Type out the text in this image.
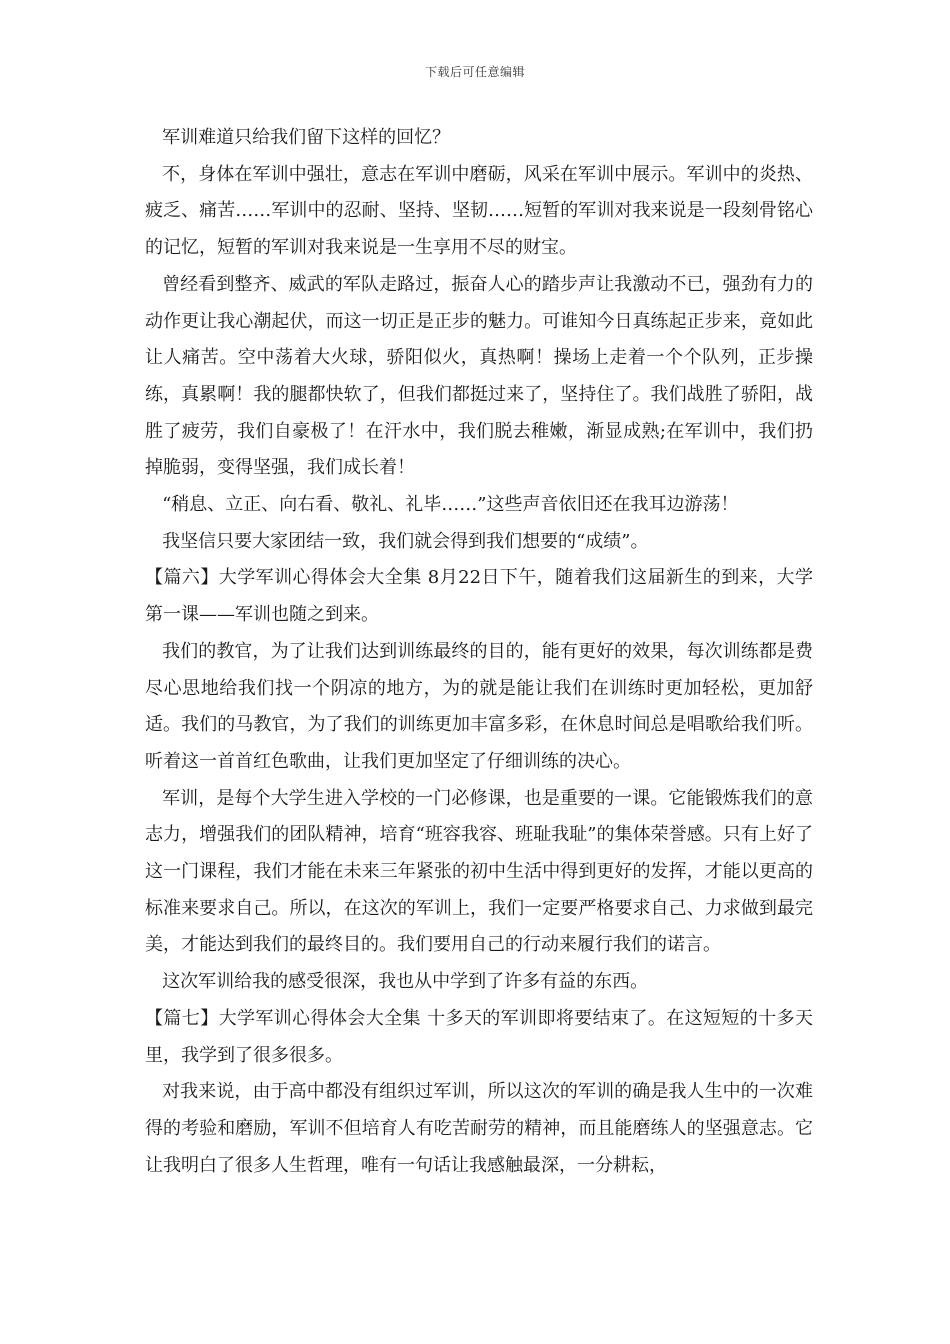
下载后可任意编辑

军训难道只给我们留下这样的回忆？

不，身体在军训中强壮，意志在军训中磨砺，风采在军训中展示。军训中的炎热、疲乏、痛苦……军训中的忍耐、坚持、坚韧……短暂的军训对我来说是一段刻骨铭心的记忆，短暂的军训对我来说是一生享用不尽的财宝。

曾经看到整齐、威武的军队走路过，振奋人心的踏步声让我激动不已，强劲有力的动作更让我心潮起伏，而这一切正是正步的魅力。可谁知今日真练起正步来，竟如此让人痛苦。空中荡着大火球，骄阳似火，真热啊！操场上走着一个个队列，正步操练，真累啊！我的腿都快软了，但我们都挺过来了，坚持住了。我们战胜了骄阳，战胜了疲劳，我们自豪极了！在汗水中，我们脱去稚嫩，渐显成熟;在军训中，我们扔掉脆弱，变得坚强，我们成长着！

“稍息、立正、向右看、敬礼、礼毕……”这些声音依旧还在我耳边游荡！

我坚信只要大家团结一致，我们就会得到我们想要的“成绩”。

【篇六】大学军训心得体会大全集 8月22日下午，随着我们这届新生的到来，大学第一课——军训也随之到来。

我们的教官，为了让我们达到训练最终的目的，能有更好的效果，每次训练都是费尽心思地给我们找一个阴凉的地方，为的就是能让我们在训练时更加轻松，更加舒适。我们的马教官，为了我们的训练更加丰富多彩，在休息时间总是唱歌给我们听。听着这一首首红色歌曲，让我们更加坚定了仔细训练的决心。

军训，是每个大学生进入学校的一门必修课，也是重要的一课。它能锻炼我们的意志力，增强我们的团队精神，培育“班容我容、班耻我耻”的集体荣誉感。只有上好了这一门课程，我们才能在未来三年紧张的初中生活中得到更好的发挥，才能以更高的标准来要求自己。所以，在这次的军训上，我们一定要严格要求自己、力求做到最完美，才能达到我们的最终目的。我们要用自己的行动来履行我们的诺言。

这次军训给我的感受很深，我也从中学到了许多有益的东西。

【篇七】大学军训心得体会大全集 十多天的军训即将要结束了。在这短短的十多天里，我学到了很多很多。

对我来说，由于高中都没有组织过军训，所以这次的军训的确是我人生中的一次难得的考验和磨励，军训不但培育人有吃苦耐劳的精神，而且能磨练人的坚强意志。它让我明白了很多人生哲理，唯有一句话让我感触最深，一分耕耘，
